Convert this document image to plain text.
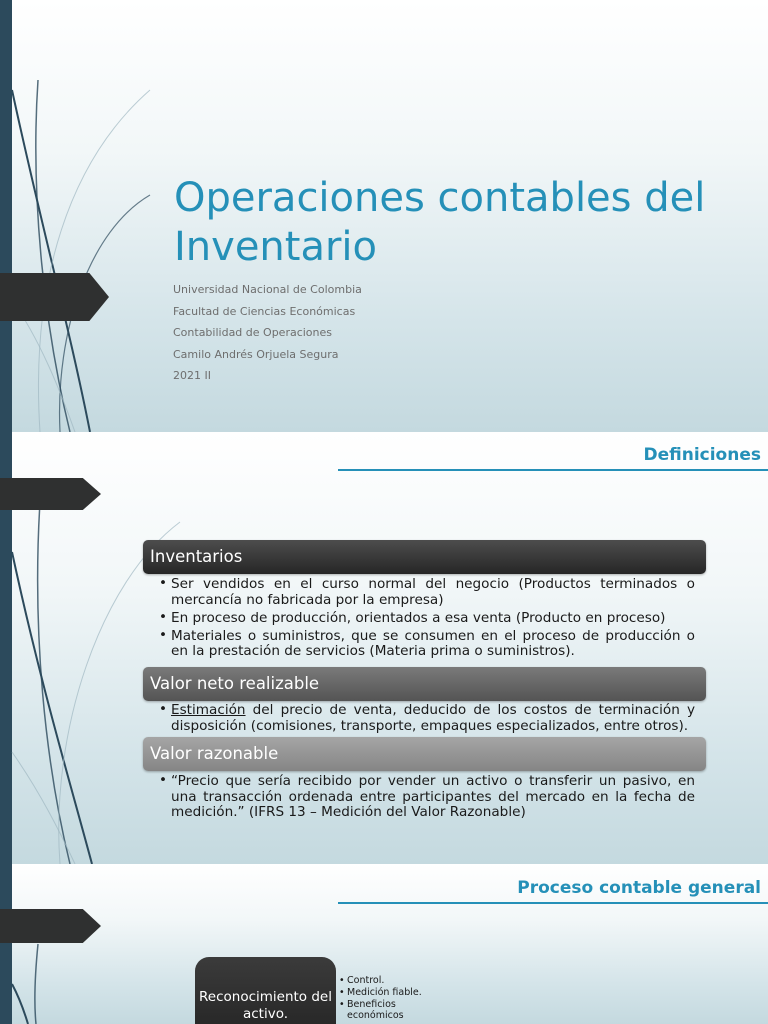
Operaciones contables del Inventario
Universidad Nacional de Colombia
Facultad de Ciencias Económicas
Contabilidad de Operaciones
Camilo Andrés Orjuela Segura
2021 II
Definiciones
Inventarios
• Ser vendidos en el curso normal del negocio (Productos terminados o mercancía no fabricada por la empresa)
• En proceso de producción, orientados a esa venta (Producto en proceso)
• Materiales o suministros, que se consumen en el proceso de producción o en la prestación de servicios (Materia prima o suministros).
Valor neto realizable
• Estimación del precio de venta, deducido de los costos de terminación y disposición (comisiones, transporte, empaques especializados, entre otros).
Valor razonable
• “Precio que sería recibido por vender un activo o transferir un pasivo, en una transacción ordenada entre participantes del mercado en la fecha de medición.” (IFRS 13 – Medición del Valor Razonable)
Proceso contable general
Reconocimiento del activo.
• Control.
• Medición fiable.
• Beneficios económicos
